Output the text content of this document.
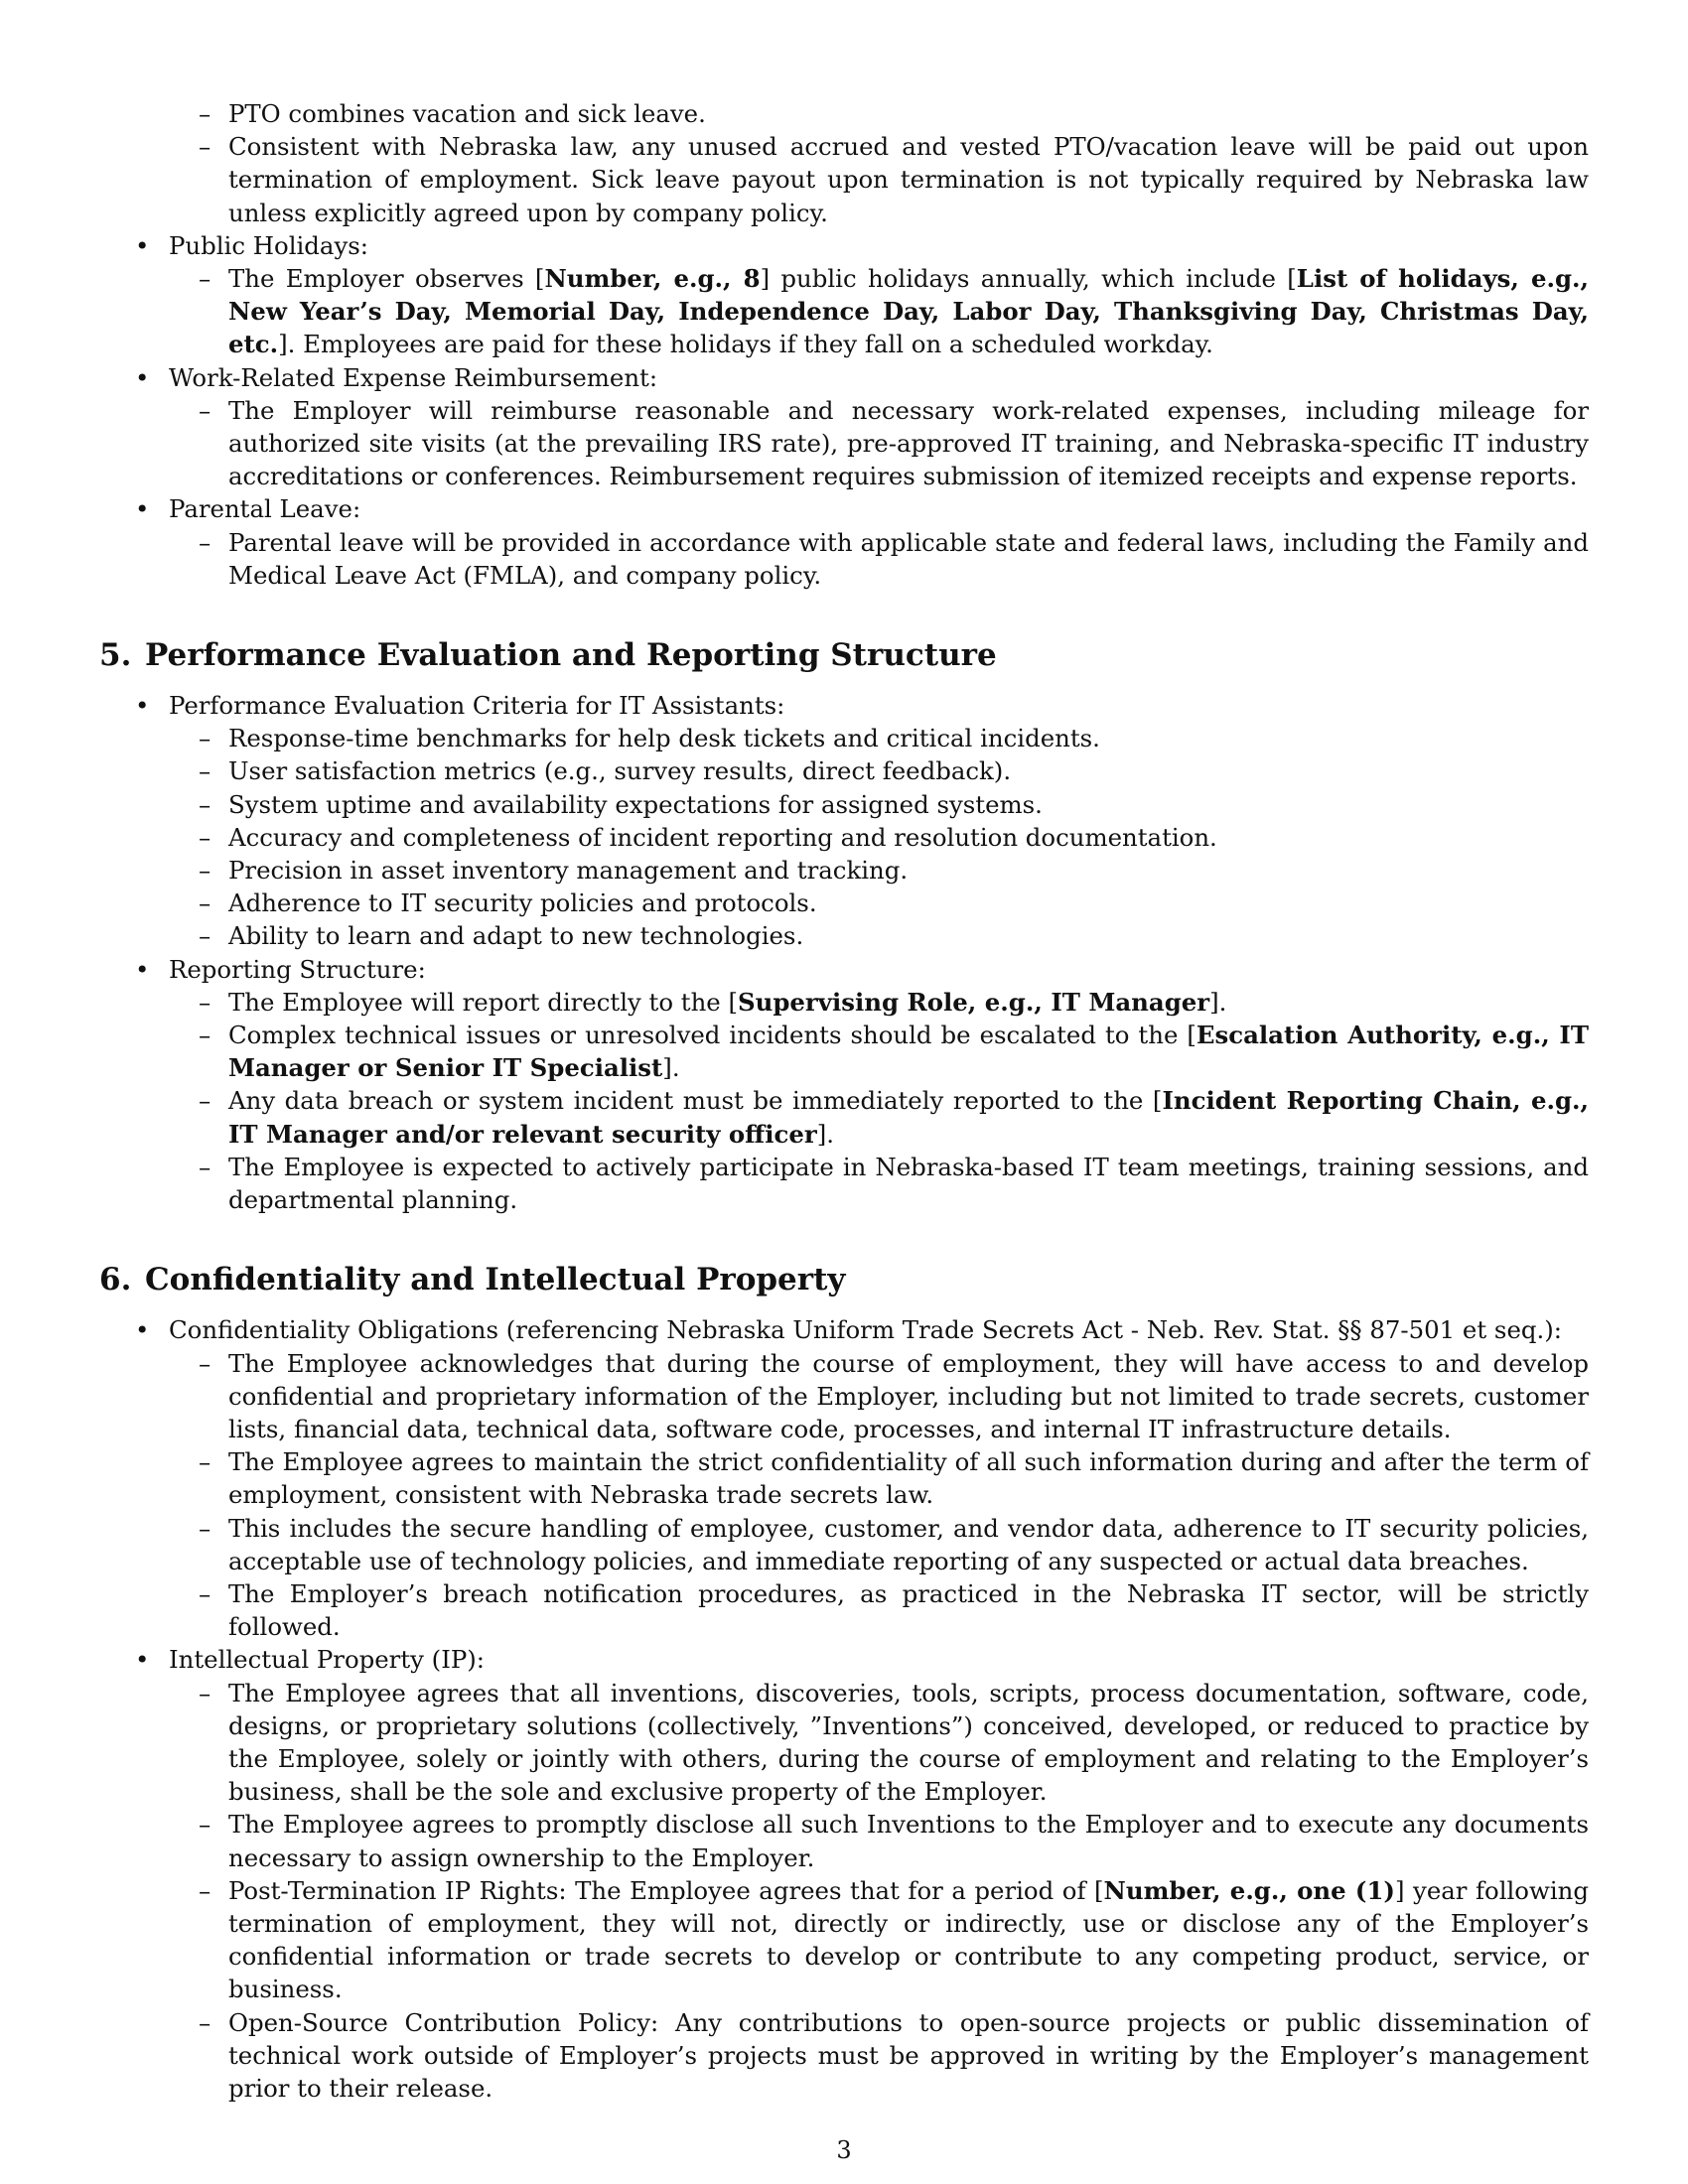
– PTO combines vacation and sick leave.
– Consistent with Nebraska law, any unused accrued and vested PTO/vacation leave will be paid out upon termination of employment. Sick leave payout upon termination is not typically required by Nebraska law unless explicitly agreed upon by company policy.
• Public Holidays:
– The Employer observes [Number, e.g., 8] public holidays annually, which include [List of holidays, e.g., New Year’s Day, Memorial Day, Independence Day, Labor Day, Thanksgiving Day, Christmas Day, etc.]. Employees are paid for these holidays if they fall on a scheduled workday.
• Work-Related Expense Reimbursement:
– The Employer will reimburse reasonable and necessary work-related expenses, including mileage for authorized site visits (at the prevailing IRS rate), pre-approved IT training, and Nebraska-specific IT industry accreditations or conferences. Reimbursement requires submission of itemized receipts and expense reports.
• Parental Leave:
– Parental leave will be provided in accordance with applicable state and federal laws, including the Family and Medical Leave Act (FMLA), and company policy.
5. Performance Evaluation and Reporting Structure
• Performance Evaluation Criteria for IT Assistants:
– Response-time benchmarks for help desk tickets and critical incidents.
– User satisfaction metrics (e.g., survey results, direct feedback).
– System uptime and availability expectations for assigned systems.
– Accuracy and completeness of incident reporting and resolution documentation.
– Precision in asset inventory management and tracking.
– Adherence to IT security policies and protocols.
– Ability to learn and adapt to new technologies.
• Reporting Structure:
– The Employee will report directly to the [Supervising Role, e.g., IT Manager].
– Complex technical issues or unresolved incidents should be escalated to the [Escalation Authority, e.g., IT Manager or Senior IT Specialist].
– Any data breach or system incident must be immediately reported to the [Incident Reporting Chain, e.g., IT Manager and/or relevant security officer].
– The Employee is expected to actively participate in Nebraska-based IT team meetings, training sessions, and departmental planning.
6. Confidentiality and Intellectual Property
• Confidentiality Obligations (referencing Nebraska Uniform Trade Secrets Act - Neb. Rev. Stat. §§ 87-501 et seq.):
– The Employee acknowledges that during the course of employment, they will have access to and develop confidential and proprietary information of the Employer, including but not limited to trade secrets, customer lists, financial data, technical data, software code, processes, and internal IT infrastructure details.
– The Employee agrees to maintain the strict confidentiality of all such information during and after the term of employment, consistent with Nebraska trade secrets law.
– This includes the secure handling of employee, customer, and vendor data, adherence to IT security policies, acceptable use of technology policies, and immediate reporting of any suspected or actual data breaches.
– The Employer’s breach notification procedures, as practiced in the Nebraska IT sector, will be strictly followed.
• Intellectual Property (IP):
– The Employee agrees that all inventions, discoveries, tools, scripts, process documentation, software, code, designs, or proprietary solutions (collectively, ”Inventions”) conceived, developed, or reduced to practice by the Employee, solely or jointly with others, during the course of employment and relating to the Employer’s business, shall be the sole and exclusive property of the Employer.
– The Employee agrees to promptly disclose all such Inventions to the Employer and to execute any documents necessary to assign ownership to the Employer.
– Post-Termination IP Rights: The Employee agrees that for a period of [Number, e.g., one (1)] year following termination of employment, they will not, directly or indirectly, use or disclose any of the Employer’s confidential information or trade secrets to develop or contribute to any competing product, service, or business.
– Open-Source Contribution Policy: Any contributions to open-source projects or public dissemination of technical work outside of Employer’s projects must be approved in writing by the Employer’s management prior to their release.
3
